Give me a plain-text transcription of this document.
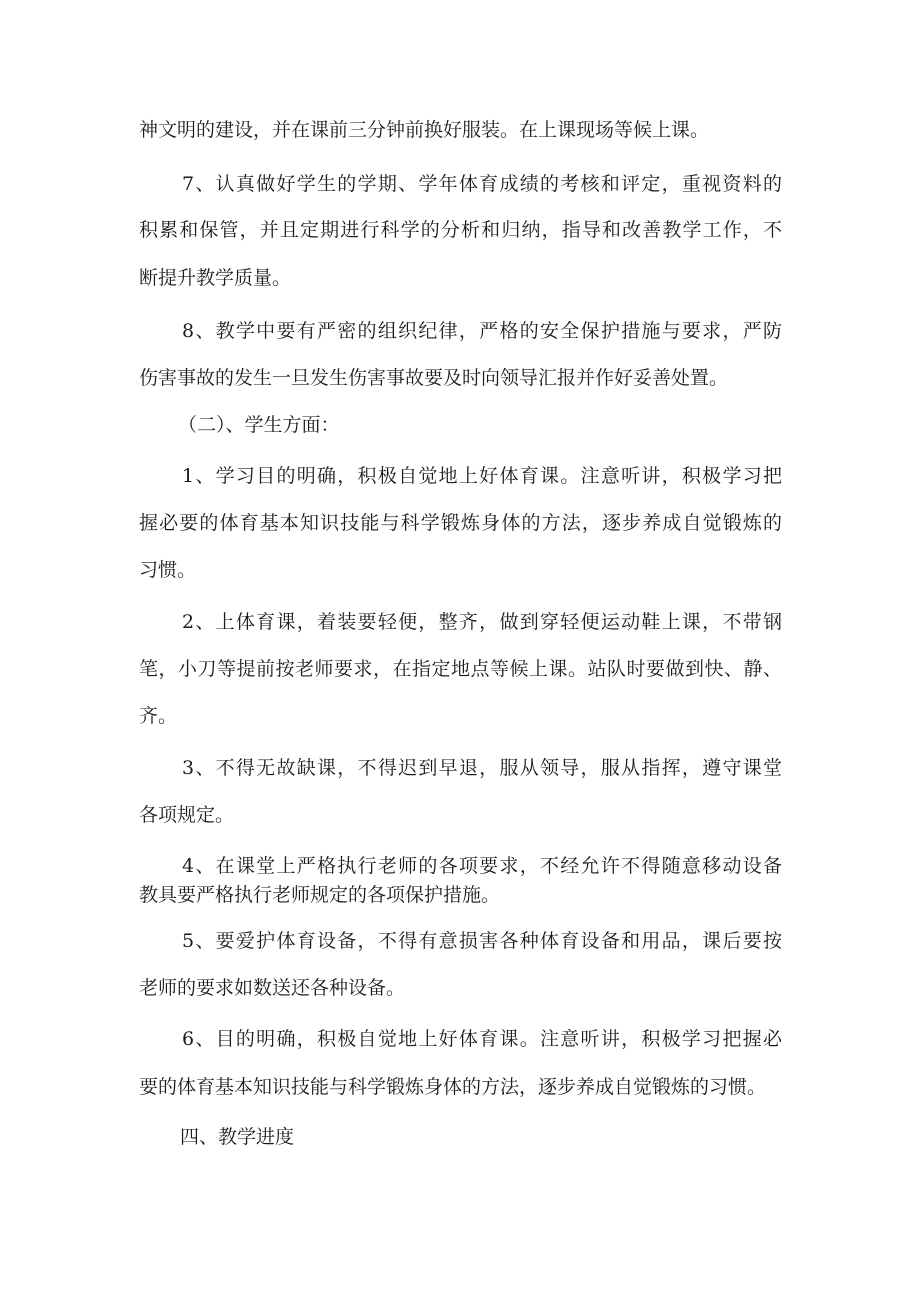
神文明的建设，并在课前三分钟前换好服装。在上课现场等候上课。

7、认真做好学生的学期、学年体育成绩的考核和评定，重视资料的

积累和保管，并且定期进行科学的分析和归纳，指导和改善教学工作，不

断提升教学质量。

8、教学中要有严密的组织纪律，严格的安全保护措施与要求，严防

伤害事故的发生一旦发生伤害事故要及时向领导汇报并作好妥善处置。

（二）、学生方面：

1、学习目的明确，积极自觉地上好体育课。注意听讲，积极学习把

握必要的体育基本知识技能与科学锻炼身体的方法，逐步养成自觉锻炼的

习惯。

2、上体育课，着装要轻便，整齐，做到穿轻便运动鞋上课，不带钢

笔，小刀等提前按老师要求，在指定地点等候上课。站队时要做到快、静、

齐。

3、不得无故缺课，不得迟到早退，服从领导，服从指挥，遵守课堂

各项规定。

4、在课堂上严格执行老师的各项要求，不经允许不得随意移动设备

教具要严格执行老师规定的各项保护措施。

5、要爱护体育设备，不得有意损害各种体育设备和用品，课后要按

老师的要求如数送还各种设备。

6、目的明确，积极自觉地上好体育课。注意听讲，积极学习把握必

要的体育基本知识技能与科学锻炼身体的方法，逐步养成自觉锻炼的习惯。

四、教学进度
